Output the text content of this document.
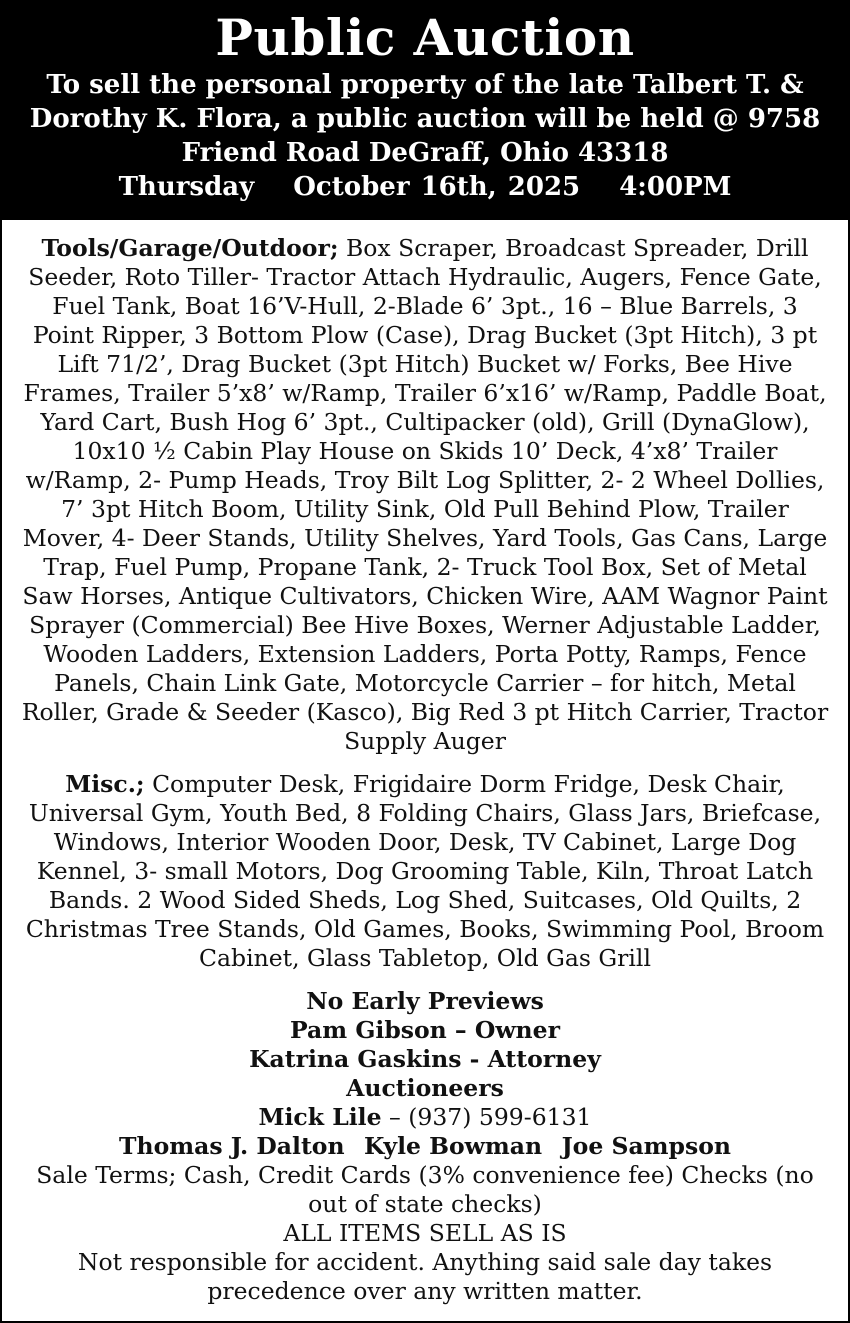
Public Auction
To sell the personal property of the late Talbert T. & Dorothy K. Flora, a public auction will be held @ 9758 Friend Road DeGraff, Ohio 43318
Thursday October 16th, 2025 4:00PM
Tools/Garage/Outdoor; Box Scraper, Broadcast Spreader, Drill Seeder, Roto Tiller- Tractor Attach Hydraulic, Augers, Fence Gate, Fuel Tank, Boat 16’V-Hull, 2-Blade 6’ 3pt., 16 – Blue Barrels, 3 Point Ripper, 3 Bottom Plow (Case), Drag Bucket (3pt Hitch), 3 pt Lift 71/2’, Drag Bucket (3pt Hitch) Bucket w/ Forks, Bee Hive Frames, Trailer 5’x8’ w/Ramp, Trailer 6’x16’ w/Ramp, Paddle Boat, Yard Cart, Bush Hog 6’ 3pt., Cultipacker (old), Grill (DynaGlow), 10x10 ½ Cabin Play House on Skids 10’ Deck, 4’x8’ Trailer w/Ramp, 2- Pump Heads, Troy Bilt Log Splitter, 2- 2 Wheel Dollies, 7’ 3pt Hitch Boom, Utility Sink, Old Pull Behind Plow, Trailer Mover, 4- Deer Stands, Utility Shelves, Yard Tools, Gas Cans, Large Trap, Fuel Pump, Propane Tank, 2- Truck Tool Box, Set of Metal Saw Horses, Antique Cultivators, Chicken Wire, AAM Wagnor Paint Sprayer (Commercial) Bee Hive Boxes, Werner Adjustable Ladder, Wooden Ladders, Extension Ladders, Porta Potty, Ramps, Fence Panels, Chain Link Gate, Motorcycle Carrier – for hitch, Metal Roller, Grade & Seeder (Kasco), Big Red 3 pt Hitch Carrier, Tractor Supply Auger
Misc.; Computer Desk, Frigidaire Dorm Fridge, Desk Chair, Universal Gym, Youth Bed, 8 Folding Chairs, Glass Jars, Briefcase, Windows, Interior Wooden Door, Desk, TV Cabinet, Large Dog Kennel, 3- small Motors, Dog Grooming Table, Kiln, Throat Latch Bands. 2 Wood Sided Sheds, Log Shed, Suitcases, Old Quilts, 2 Christmas Tree Stands, Old Games, Books, Swimming Pool, Broom Cabinet, Glass Tabletop, Old Gas Grill
No Early Previews
Pam Gibson – Owner
Katrina Gaskins - Attorney
Auctioneers
Mick Lile – (937) 599-6131
Thomas J. Dalton Kyle Bowman Joe Sampson
Sale Terms; Cash, Credit Cards (3% convenience fee) Checks (no out of state checks)
ALL ITEMS SELL AS IS
Not responsible for accident. Anything said sale day takes precedence over any written matter.
